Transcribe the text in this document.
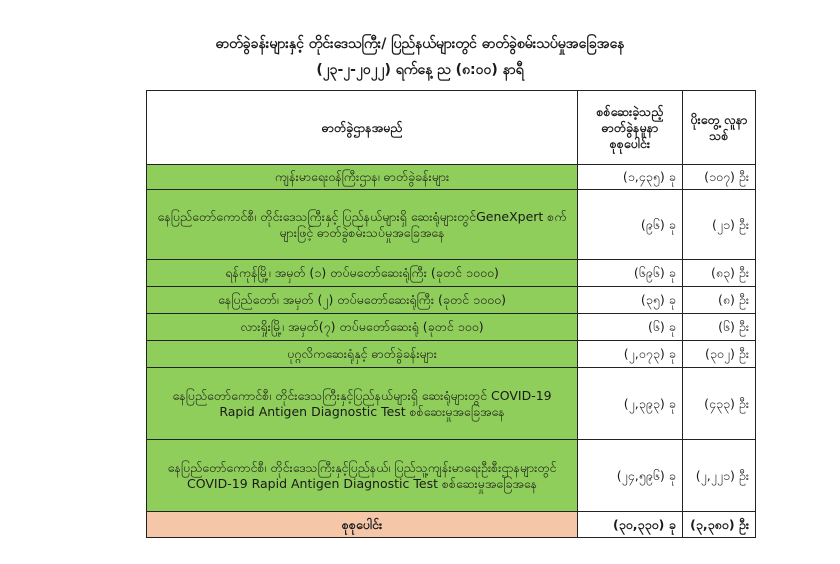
ဓာတ်ခွဲခန်းများနှင့် တိုင်းဒေသကြီး/ ပြည်နယ်များတွင် ဓာတ်ခွဲစမ်းသပ်မှုအခြေအနေ
(၂၃-၂-၂၀၂၂) ရက်နေ့ ည (၈:၀၀) နာရီ
ဓာတ်ခွဲဌာနအမည်	စစ်ဆေးခဲ့သည့် ဓာတ်ခွဲနမူနာ စုစုပေါင်း	ပိုးတွေ့ လူနာသစ်
ကျန်းမာရေးဝန်ကြီးဌာန၊ ဓာတ်ခွဲခန်းများ	(၁,၄၃၅) ခု	(၁၀၇) ဦး
နေပြည်တော်ကောင်စီ၊ တိုင်းဒေသကြီးနှင့် ပြည်နယ်များရှိ ဆေးရုံများတွင်GeneXpert စက်များဖြင့် ဓာတ်ခွဲစမ်းသပ်မှုအခြေအနေ	(၉၆) ခု	(၂၁) ဦး
ရန်ကုန်မြို့၊ အမှတ် (၁) တပ်မတော်ဆေးရုံကြီး (ခုတင် ၁၀၀၀)	(၆၉၆) ခု	(၈၃) ဦး
နေပြည်တော်၊ အမှတ် (၂) တပ်မတော်ဆေးရုံကြီး (ခုတင် ၁၀၀၀)	(၃၅) ခု	(၈) ဦး
လားရှိုးမြို့၊ အမှတ်(၇) တပ်မတော်ဆေးရုံ (ခုတင် ၁၀၀)	(၆) ခု	(၆) ဦး
ပုဂ္ဂလိကဆေးရုံနှင့် ဓာတ်ခွဲခန်းများ	(၂,၀၇၃) ခု	(၃၀၂) ဦး
နေပြည်တော်ကောင်စီ၊ တိုင်းဒေသကြီးနှင့်ပြည်နယ်များရှိ ဆေးရုံများတွင် COVID-19 Rapid Antigen Diagnostic Test စစ်ဆေးမှုအခြေအနေ	(၂,၃၉၃) ခု	(၄၃၃) ဦး
နေပြည်တော်ကောင်စီ၊ တိုင်းဒေသကြီးနှင့်ပြည်နယ်၊ ပြည်သူ့ကျန်းမာရေးဦးစီးဌာနများတွင် COVID-19 Rapid Antigen Diagnostic Test စစ်ဆေးမှုအခြေအနေ	(၂၄,၅၉၆) ခု	(၂,၂၂၁) ဦး
စုစုပေါင်း	(၃၀,၃၃၀) ခု	(၃,၃၈၀) ဦး
